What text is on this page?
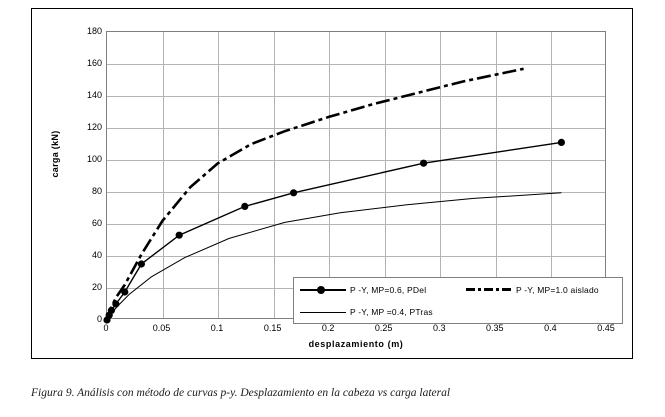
carga (kN)
0
20
40
60
80
100
120
140
160
180
P -Y, MP=0.6, PDel	P -Y, MP=1.0 aislado
P -Y, MP =0.4, PTras
0	0.05	0.1	0.15	0.2	0.25	0.3	0.35	0.4	0.45
desplazamiento (m)
Figura 9. Análisis con método de curvas p-y. Desplazamiento en la cabeza vs carga lateral
